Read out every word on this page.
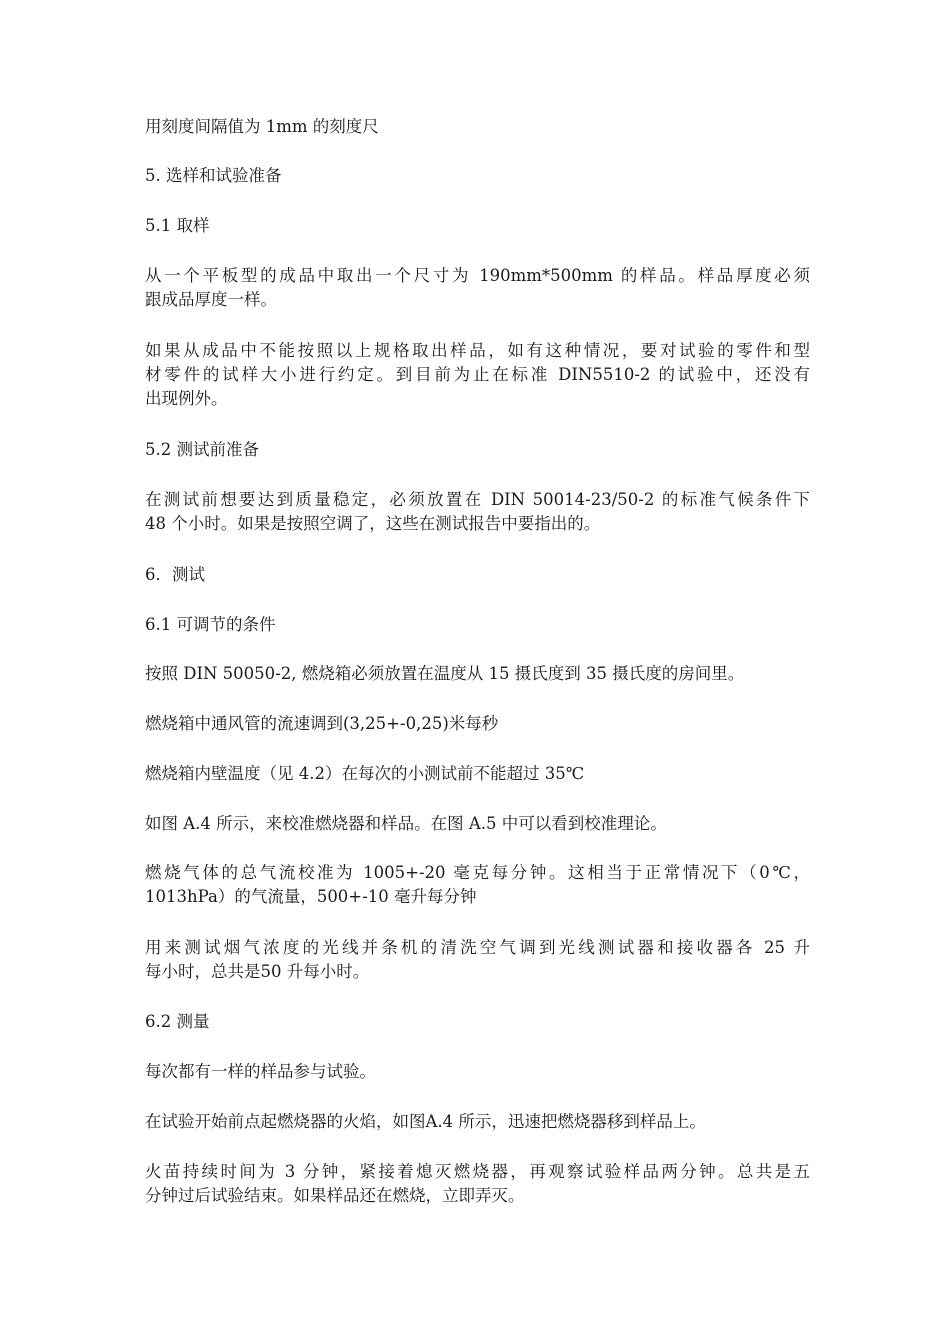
用刻度间隔值为 1mm 的刻度尺

5. 选样和试验准备

5.1 取样

从一个平板型的成品中取出一个尺寸为 190mm*500mm 的样品。样品厚度必须
跟成品厚度一样。

如果从成品中不能按照以上规格取出样品，如有这种情况，要对试验的零件和型
材零件的试样大小进行约定。到目前为止在标准 DIN5510-2 的试验中，还没有
出现例外。

5.2 测试前准备

在测试前想要达到质量稳定，必须放置在 DIN 50014-23/50-2 的标准气候条件下
48 个小时。如果是按照空调了，这些在测试报告中要指出的。

6．测试

6.1 可调节的条件

按照 DIN 50050-2, 燃烧箱必须放置在温度从 15 摄氏度到 35 摄氏度的房间里。

燃烧箱中通风管的流速调到(3,25+-0,25)米每秒

燃烧箱内壁温度（见 4.2）在每次的小测试前不能超过 35℃

如图 A.4 所示，来校准燃烧器和样品。在图 A.5 中可以看到校准理论。

燃烧气体的总气流校准为 1005+-20 毫克每分钟。这相当于正常情况下（0℃，
1013hPa）的气流量，500+-10 毫升每分钟

用来测试烟气浓度的光线并条机的清洗空气调到光线测试器和接收器各 25 升
每小时，总共是50 升每小时。

6.2 测量

每次都有一样的样品参与试验。

在试验开始前点起燃烧器的火焰，如图A.4 所示，迅速把燃烧器移到样品上。

火苗持续时间为 3 分钟，紧接着熄灭燃烧器，再观察试验样品两分钟。总共是五
分钟过后试验结束。如果样品还在燃烧，立即弄灭。
